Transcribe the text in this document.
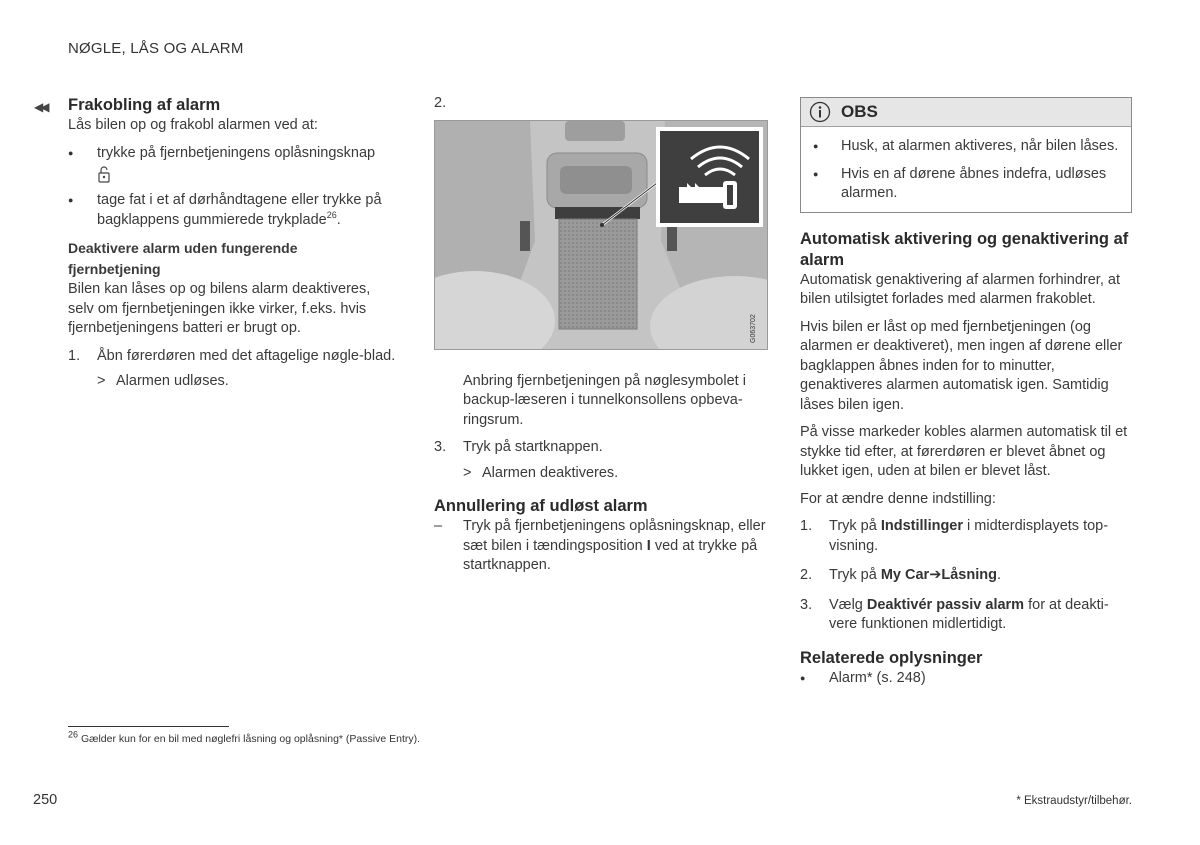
NØGLE, LÅS OG ALARM
◀◀ Frakobling af alarm

Lås bilen op og frakobl alarmen ved at:

● trykke på fjernbetjeningens oplåsningsknap
● tage fat i et af dørhåndtagene eller trykke på bagklappens gummierede trykplade$^{26}$.
Deaktivere alarm uden fungerende
fjernbetjening

Bilen kan låses op og bilens alarm deaktiveres, selv om fjernbetjeningen ikke virker, f.eks. hvis fjernbetjeningens batteri er brugt op.

1. Åbn førerdøren med det aftagelige nøgle-blad.
> Alarmen udløses.
2.
G063702

Anbring fjernbetjeningen på nøglesymbolet i backup-læseren i tunnelkonsollens opbeva-ringsrum.

3. Tryk på startknappen.
> Alarmen deaktiveres.
Annullering af udløst alarm
– Tryk på fjernbetjeningens oplåsningsknap, eller sæt bilen i tændingsposition I ved at trykke på startknappen.
OBS
● Husk, at alarmen aktiveres, når bilen låses.
● Hvis en af dørene åbnes indefra, udløses alarmen.
Automatisk aktivering og genaktivering af alarm

Automatisk genaktivering af alarmen forhindrer, at bilen utilsigtet forlades med alarmen frakoblet.

Hvis bilen er låst op med fjernbetjeningen (og alarmen er deaktiveret), men ingen af dørene eller bagklappen åbnes inden for to minutter, genaktiveres alarmen automatisk igen. Samtidig låses bilen igen.

På visse markeder kobles alarmen automatisk til et stykke tid efter, at førerdøren er blevet åbnet og lukket igen, uden at bilen er blevet låst.

For at ændre denne indstilling:

1. Tryk på Indstillinger i midterdisplayets top-visning.
2. Tryk på My Car➔Låsning.
3. Vælg Deaktivér passiv alarm for at deakti-vere funktionen midlertidigt.
Relaterede oplysninger
● Alarm* (s. 248)
$^{26}$ Gælder kun for en bil med nøglefri låsning og oplåsning* (Passive Entry).
250	* Ekstraudstyr/tilbehør.
